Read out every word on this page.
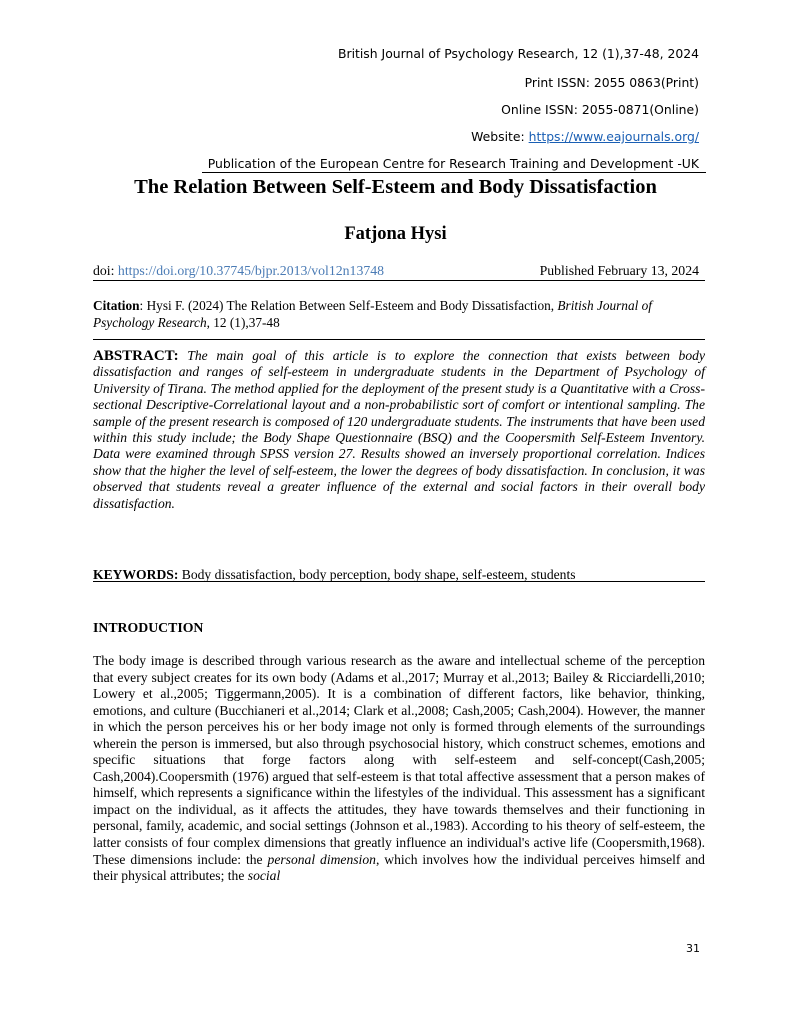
British Journal of Psychology Research, 12 (1),37-48, 2024
Print ISSN: 2055 0863(Print)
Online ISSN: 2055-0871(Online)
Website: https://www.eajournals.org/
Publication of the European Centre for Research Training and Development -UK
The Relation Between Self-Esteem and Body Dissatisfaction
Fatjona Hysi
doi: https://doi.org/10.37745/bjpr.2013/vol12n13748	Published February 13, 2024
Citation: Hysi F. (2024) The Relation Between Self-Esteem and Body Dissatisfaction, British Journal of Psychology Research, 12 (1),37-48
ABSTRACT: The main goal of this article is to explore the connection that exists between body dissatisfaction and ranges of self-esteem in undergraduate students in the Department of Psychology of University of Tirana. The method applied for the deployment of the present study is a Quantitative with a Cross-sectional Descriptive-Correlational layout and a non-probabilistic sort of comfort or intentional sampling. The sample of the present research is composed of 120 undergraduate students. The instruments that have been used within this study include; the Body Shape Questionnaire (BSQ) and the Coopersmith Self-Esteem Inventory. Data were examined through SPSS version 27. Results showed an inversely proportional correlation. Indices show that the higher the level of self-esteem, the lower the degrees of body dissatisfaction. In conclusion, it was observed that students reveal a greater influence of the external and social factors in their overall body dissatisfaction.
KEYWORDS: Body dissatisfaction, body perception, body shape, self-esteem, students
INTRODUCTION
The body image is described through various research as the aware and intellectual scheme of the perception that every subject creates for its own body (Adams et al.,2017; Murray et al.,2013; Bailey & Ricciardelli,2010; Lowery et al.,2005; Tiggermann,2005). It is a combination of different factors, like behavior, thinking, emotions, and culture (Bucchianeri et al.,2014; Clark et al.,2008; Cash,2005; Cash,2004). However, the manner in which the person perceives his or her body image not only is formed through elements of the surroundings wherein the person is immersed, but also through psychosocial history, which construct schemes, emotions and specific situations that forge factors along with self-esteem and self-concept(Cash,2005; Cash,2004).Coopersmith (1976) argued that self-esteem is that total affective assessment that a person makes of himself, which represents a significance within the lifestyles of the individual. This assessment has a significant impact on the individual, as it affects the attitudes, they have towards themselves and their functioning in personal, family, academic, and social settings (Johnson et al.,1983). According to his theory of self-esteem, the latter consists of four complex dimensions that greatly influence an individual's active life (Coopersmith,1968). These dimensions include: the personal dimension, which involves how the individual perceives himself and their physical attributes; the social
31
